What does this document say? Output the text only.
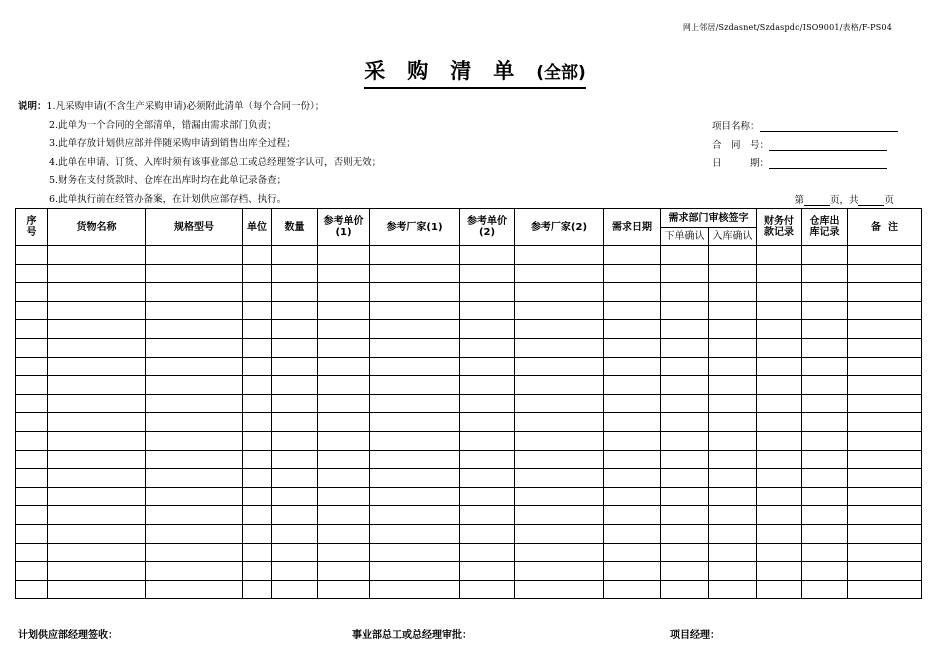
网上邻居/Szdasnet/Szdaspdc/ISO9001/表格/F-PS04
采购清单(全部)
说明：1.凡采购申请(不含生产采购申请)必须附此清单（每个合同一份）；
2.此单为一个合同的全部清单，错漏由需求部门负责；
3.此单存放计划供应部并伴随采购申请到销售出库全过程；
4.此单在申请、订货、入库时须有该事业部总工或总经理签字认可，否则无效；
5.财务在支付货款时、仓库在出库时均在此单记录备查；
6.此单执行前在经管办备案，在计划供应部存档、执行。
项目名称：
合　同　号：
日　　　期：
第	页，共	页
序号	货物名称	规格型号	单位	数量	参考单价(1)	参考厂家(1)	参考单价(2)	参考厂家(2)	需求日期	需求部门审核签字		财务付款记录	仓库出库记录	备  注
										下单确认	入库确认			

计划供应部经理签收：	事业部总工或总经理审批：	项目经理：
